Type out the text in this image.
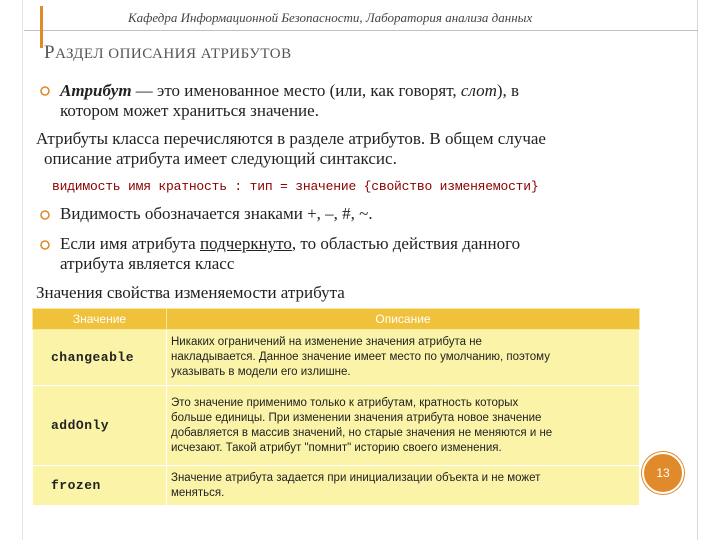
Кафедра Информационной Безопасности, Лаборатория анализа данных
РАЗДЕЛ ОПИСАНИЯ АТРИБУТОВ
Атрибут — это именованное место (или, как говорят, слот), в
котором может храниться значение.
Атрибуты класса перечисляются в разделе атрибутов. В общем случае
описание атрибута имеет следующий синтаксис.
видимость имя кратность : тип = значение {свойство изменяемости}
Видимость обозначается знаками +, –, #, ~.
Если имя атрибута подчеркнуто, то областью действия данного
атрибута является класс
Значения свойства изменяемости атрибута
Значение	Описание
changeable	Никаких ограничений на изменение значения атрибута не
накладывается. Данное значение имеет место по умолчанию, поэтому
указывать в модели его излишне.
addOnly	Это значение применимо только к атрибутам, кратность которых
больше единицы. При изменении значения атрибута новое значение
добавляется в массив значений, но старые значения не меняются и не
исчезают. Такой атрибут "помнит" историю своего изменения.
frozen	Значение атрибута задается при инициализации объекта и не может
меняться.
13
